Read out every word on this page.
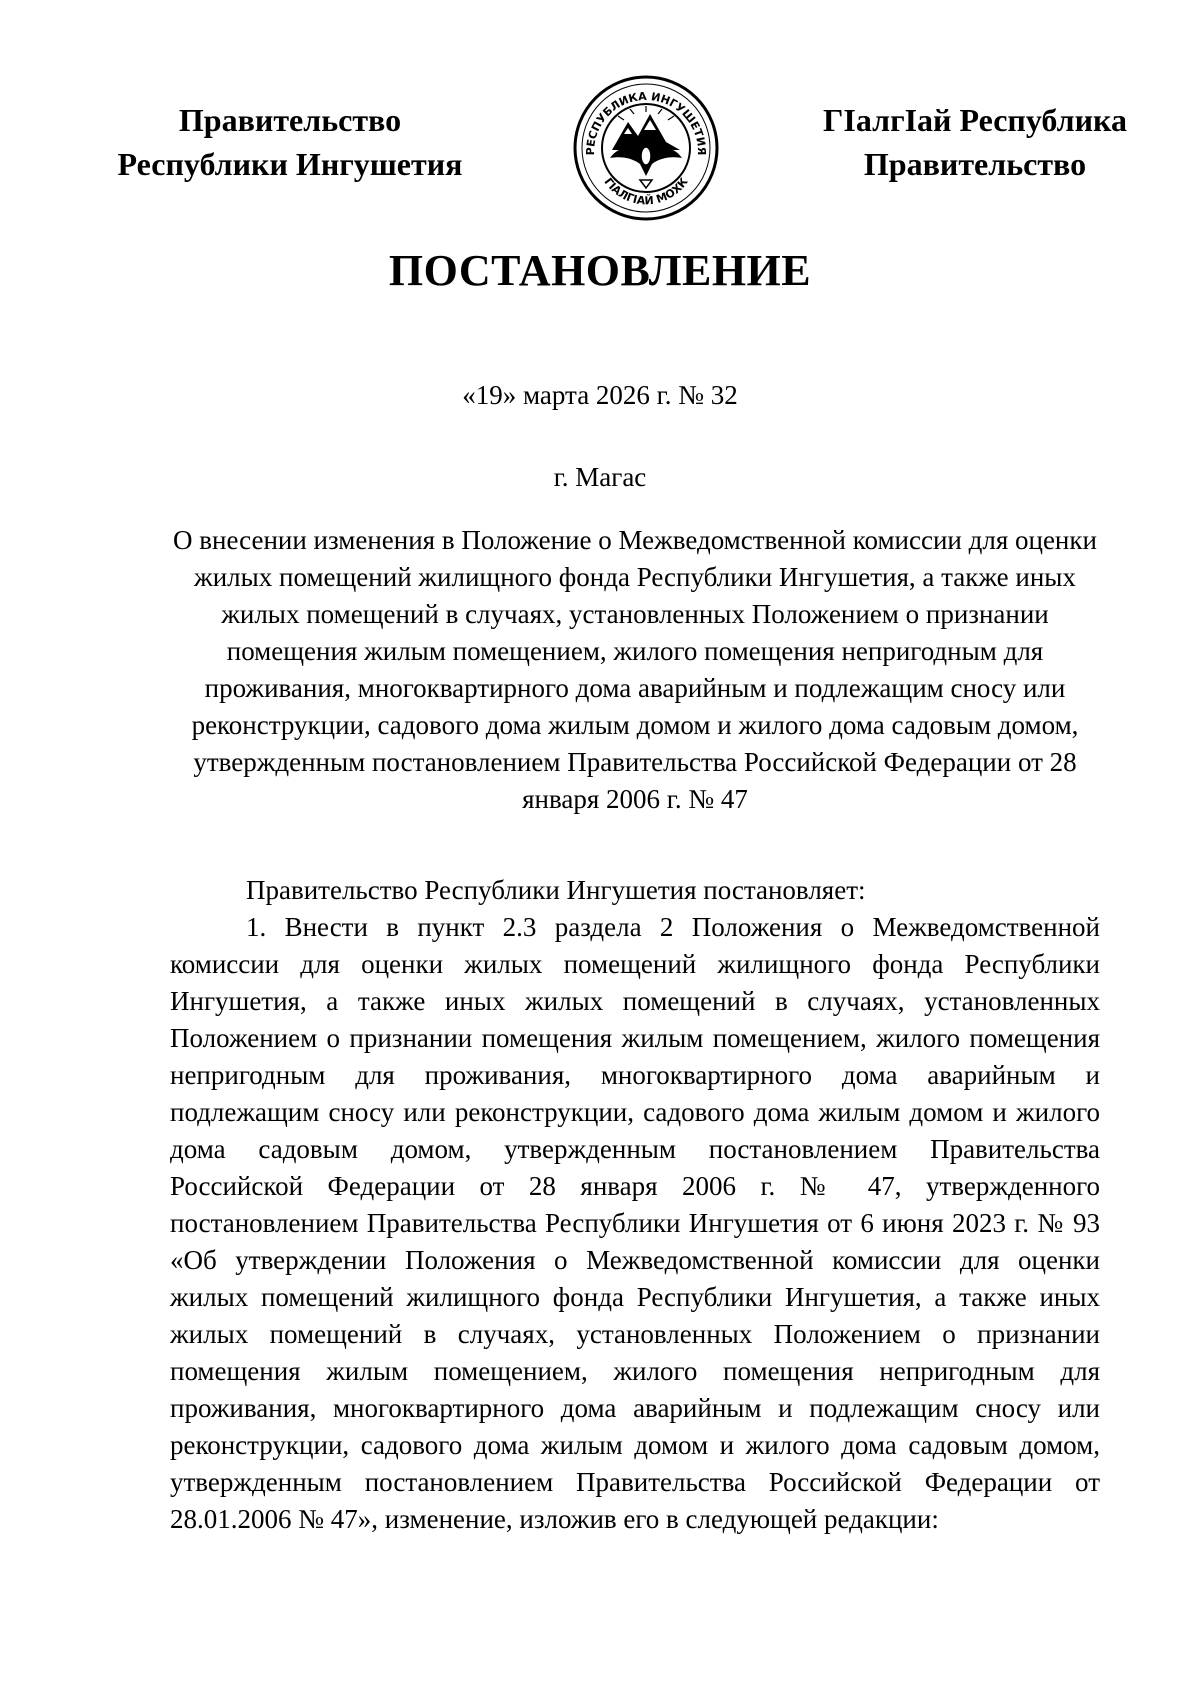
Правительство
Республики Ингушетия	РЕСПУБЛИКА ИНГУШЕТИЯ
ГIАЛГIАЙ МОХК
ГIалгIай Республика
Правительство
ПОСТАНОВЛЕНИЕ
«19» марта 2026 г. № 32
г. Магас
О внесении изменения в Положение о Межведомственной комиссии для оценки жилых помещений жилищного фонда Республики Ингушетия, а также иных жилых помещений в случаях, установленных Положением о признании помещения жилым помещением, жилого помещения непригодным для проживания, многоквартирного дома аварийным и подлежащим сносу или реконструкции, садового дома жилым домом и жилого дома садовым домом, утвержденным постановлением Правительства Российской Федерации от 28 января 2006 г. № 47

Правительство Республики Ингушетия постановляет:

1. Внести в пункт 2.3 раздела 2 Положения о Межведомственной комиссии для оценки жилых помещений жилищного фонда Республики Ингушетия, а также иных жилых помещений в случаях, установленных Положением о признании помещения жилым помещением, жилого помещения непригодным для проживания, многоквартирного дома аварийным и подлежащим сносу или реконструкции, садового дома жилым домом и жилого дома садовым домом, утвержденным постановлением Правительства Российской Федерации от 28 января 2006 г. № 47, утвержденного постановлением Правительства Республики Ингушетия от 6 июня 2023 г. № 93 «Об утверждении Положения о Межведомственной комиссии для оценки жилых помещений жилищного фонда Республики Ингушетия, а также иных жилых помещений в случаях, установленных Положением о признании помещения жилым помещением, жилого помещения непригодным для проживания, многоквартирного дома аварийным и подлежащим сносу или реконструкции, садового дома жилым домом и жилого дома садовым домом, утвержденным постановлением Правительства Российской Федерации от 28.01.2006 № 47», изменение, изложив его в следующей редакции:
